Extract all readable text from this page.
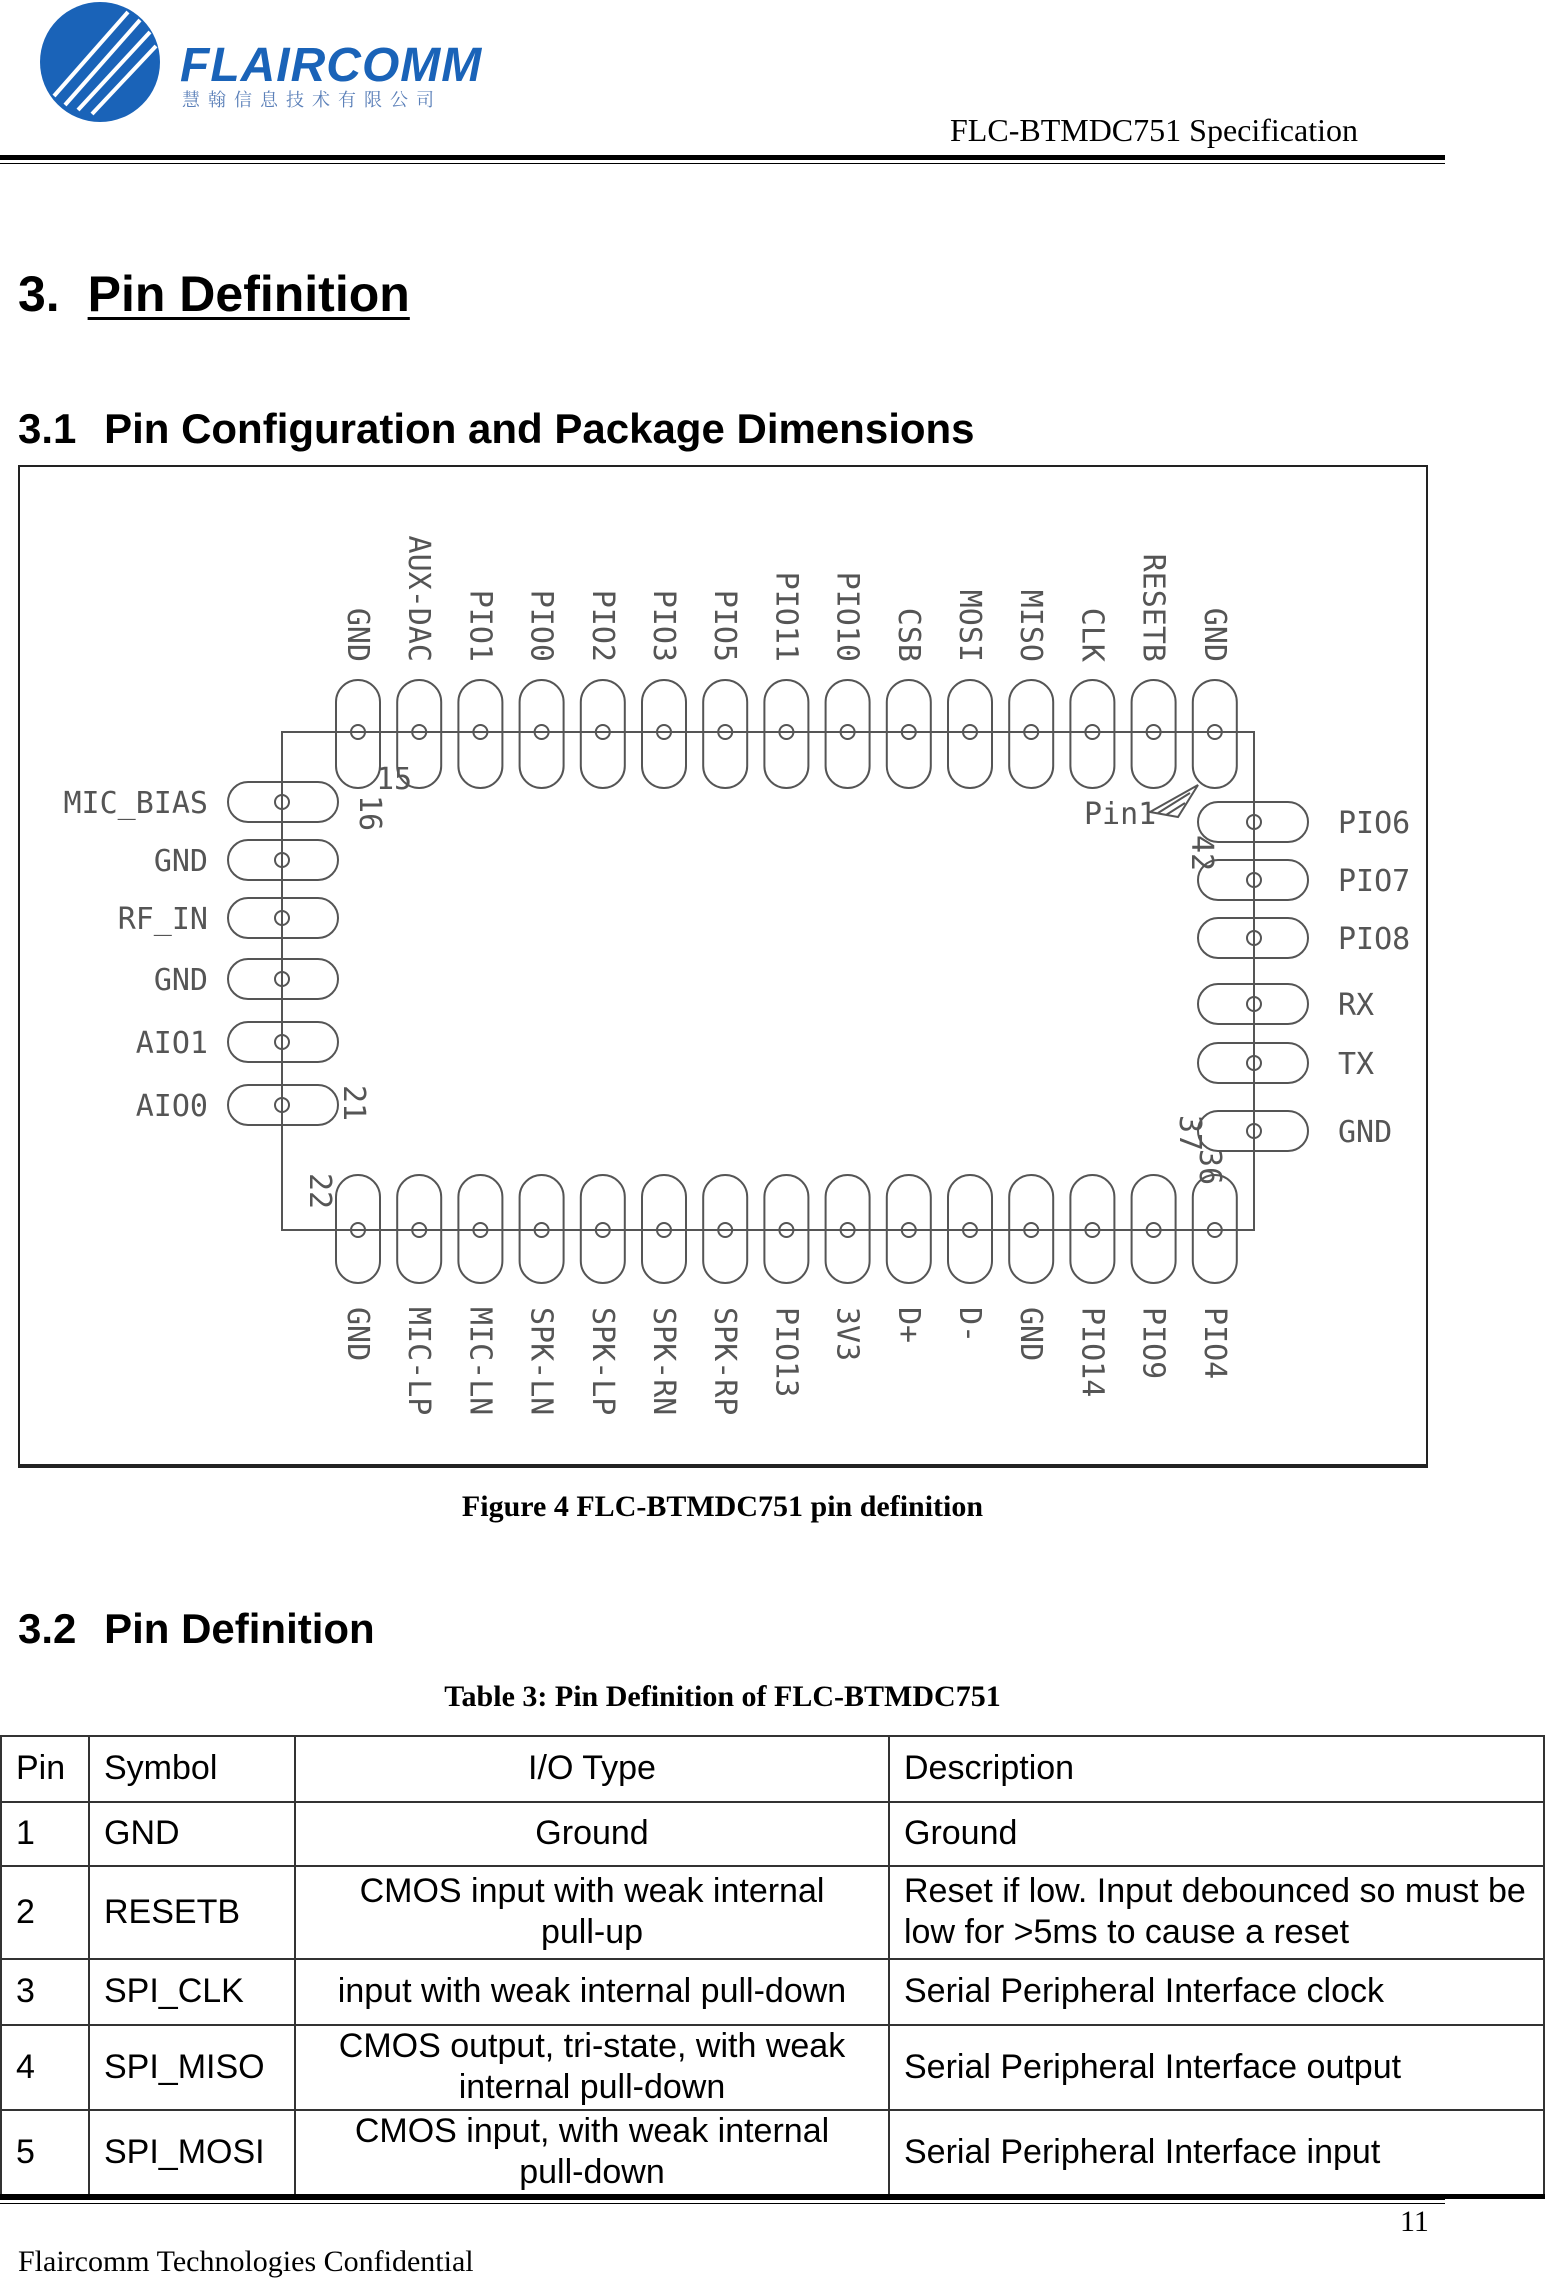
FLAIRCOMM
慧翰信息技术有限公司
FLC-BTMDC751 Specification
3. Pin Definition
3.1 Pin Configuration and Package Dimensions
GND AUX-DAC PIO1 PIO0 PIO2 PIO3 PIO5 PIO11 PIO10 CSB MOSI MISO CLK RESETB GND
GND MIC-LP MIC-LN SPK-LN SPK-LP SPK-RN SPK-RP PIO13 3V3 D+ D- GND PIO14 PIO9 PIO4
MIC_BIAS
GND
RF_IN
GND
AIO1
AIO0
PIO6
PIO7
PIO8
RX
TX
GND
Pin1
16
15
42
21
22
37
36
Figure 4 FLC-BTMDC751 pin definition
3.2 Pin Definition
Table 3: Pin Definition of FLC-BTMDC751
Pin	Symbol	I/O Type	Description
1	GND	Ground	Ground
2	RESETB	CMOS input with weak internal pull-up	Reset if low. Input debounced so must be low for >5ms to cause a reset
3	SPI_CLK	input with weak internal pull-down	Serial Peripheral Interface clock
4	SPI_MISO	CMOS output, tri-state, with weak internal pull-down	Serial Peripheral Interface output
5	SPI_MOSI	CMOS input, with weak internal pull-down	Serial Peripheral Interface input
11
Flaircomm Technologies Confidential
